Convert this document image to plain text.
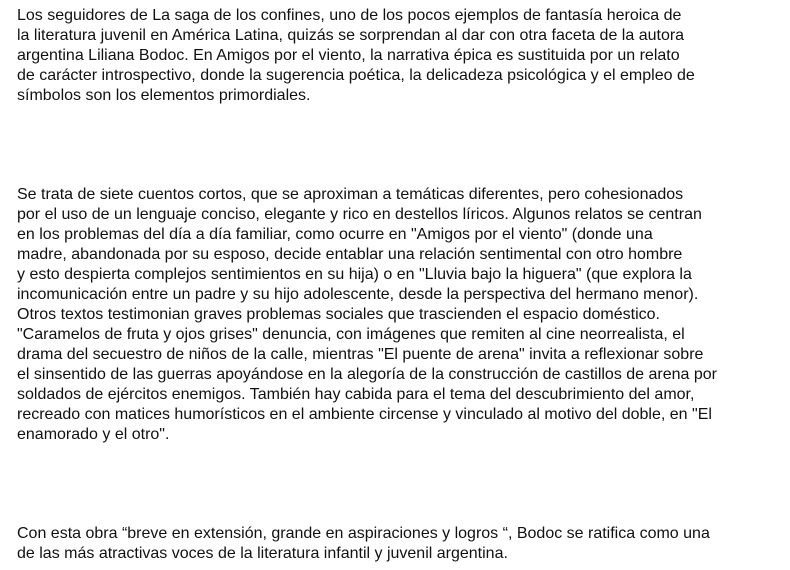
Los seguidores de La saga de los confines, uno de los pocos ejemplos de fantasía heroica de

la literatura juvenil en América Latina, quizás se sorprendan al dar con otra faceta de la autora

argentina Liliana Bodoc. En Amigos por el viento, la narrativa épica es sustituida por un relato

de carácter introspectivo, donde la sugerencia poética, la delicadeza psicológica y el empleo de

símbolos son los elementos primordiales.

Se trata de siete cuentos cortos, que se aproximan a temáticas diferentes, pero cohesionados

por el uso de un lenguaje conciso, elegante y rico en destellos líricos. Algunos relatos se centran

en los problemas del día a día familiar, como ocurre en "Amigos por el viento" (donde una

madre, abandonada por su esposo, decide entablar una relación sentimental con otro hombre

y esto despierta complejos sentimientos en su hija) o en "Lluvia bajo la higuera" (que explora la

incomunicación entre un padre y su hijo adolescente, desde la perspectiva del hermano menor).

Otros textos testimonian graves problemas sociales que trascienden el espacio doméstico.

"Caramelos de fruta y ojos grises" denuncia, con imágenes que remiten al cine neorrealista, el

drama del secuestro de niños de la calle, mientras "El puente de arena" invita a reflexionar sobre

el sinsentido de las guerras apoyándose en la alegoría de la construcción de castillos de arena por

soldados de ejércitos enemigos. También hay cabida para el tema del descubrimiento del amor,

recreado con matices humorísticos en el ambiente circense y vinculado al motivo del doble, en "El

enamorado y el otro".

Con esta obra “breve en extensión, grande en aspiraciones y logros “, Bodoc se ratifica como una

de las más atractivas voces de la literatura infantil y juvenil argentina.
